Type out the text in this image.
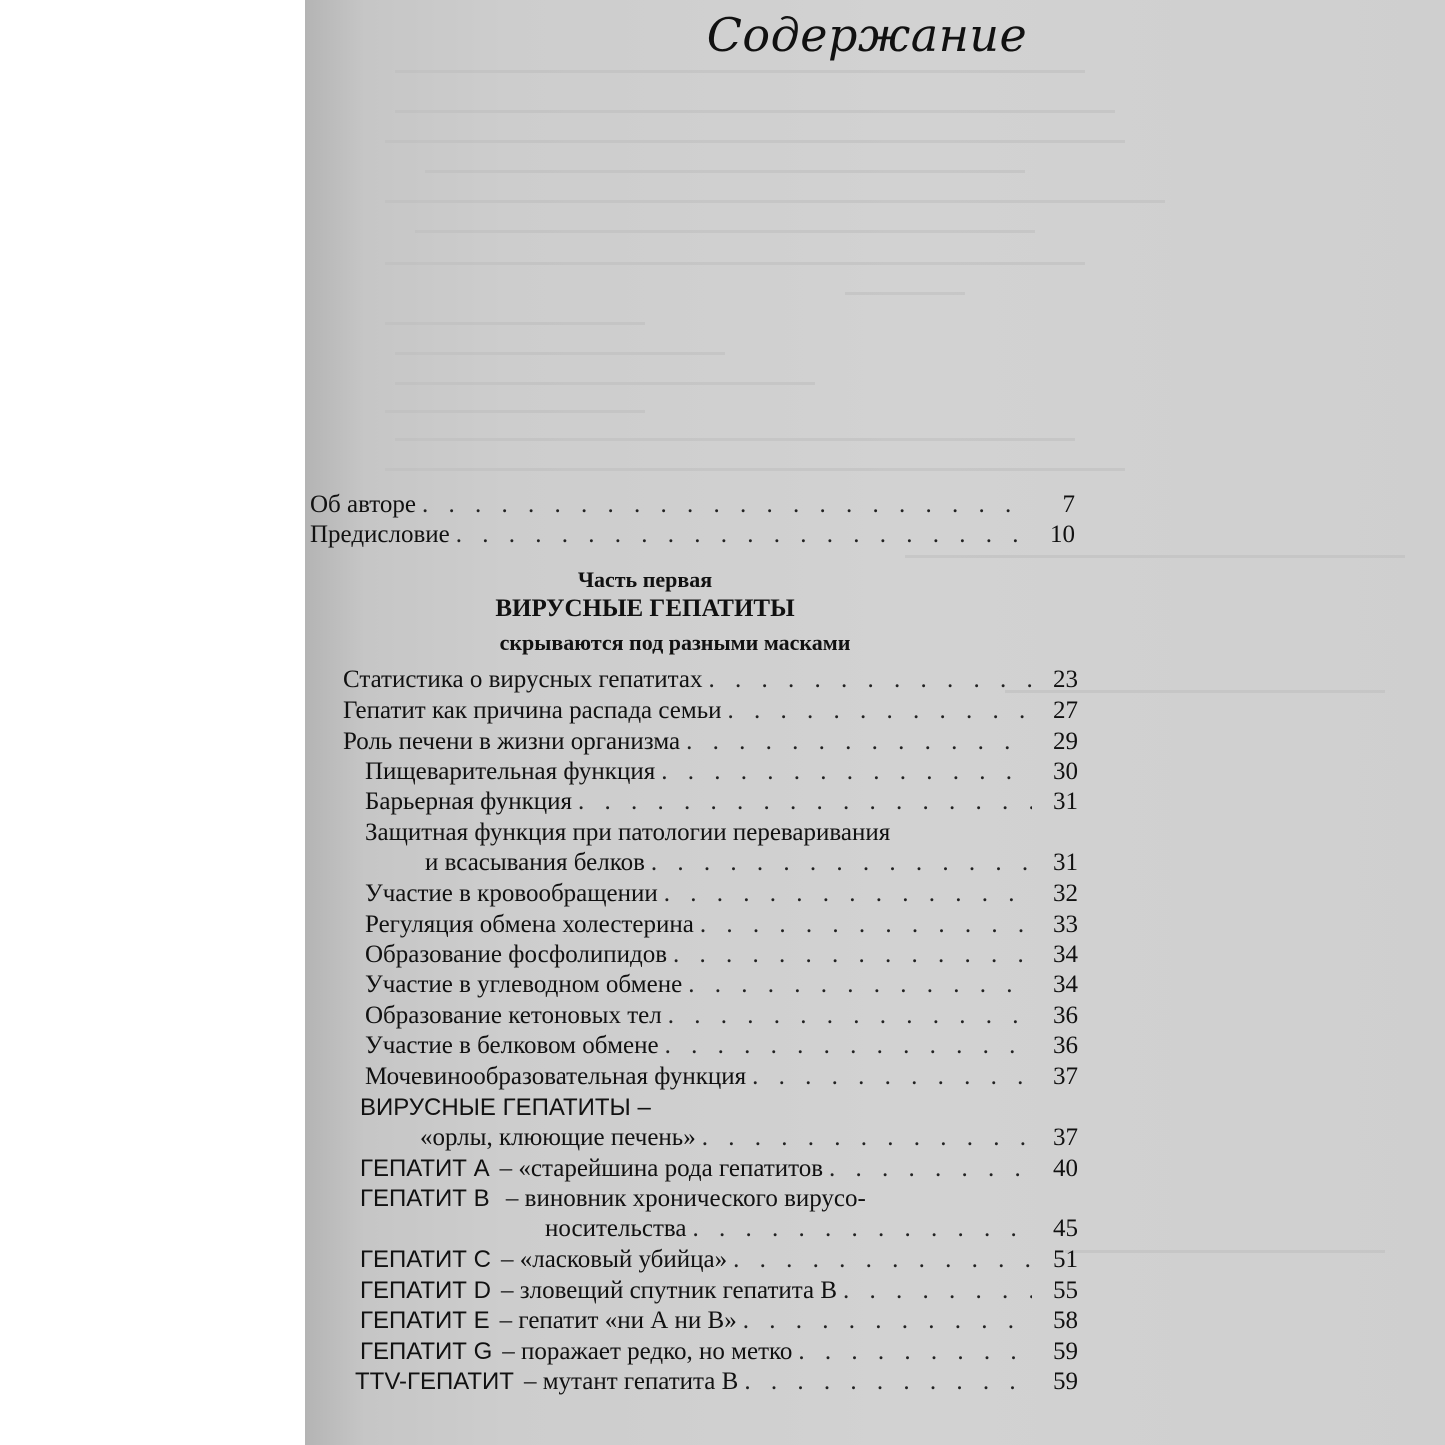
Содержание
Об авторе . . .	7
Предисловие . . .	10
Часть первая
ВИРУСНЫЕ ГЕПАТИТЫ
скрываются под разными масками
Статистика о вирусных гепатитах . . .	23
Гепатит как причина распада семьи . . .	27
Роль печени в жизни организма . . .	29
Пищеварительная функция . . .	30
Барьерная функция . . .	31
Защитная функция при патологии переваривания
и всасывания белков . . .	31
Участие в кровообращении . . .	32
Регуляция обмена холестерина . . .	33
Образование фосфолипидов . . .	34
Участие в углеводном обмене . . .	34
Образование кетоновых тел . . .	36
Участие в белковом обмене . . .	36
Мочевинообразовательная функция . . .	37
ВИРУСНЫЕ ГЕПАТИТЫ –
«орлы, клюющие печень» . . .	37
ГЕПАТИТ А – «старейшина рода гепатитов . . .	40
ГЕПАТИТ В – виновник хронического вирусо-
носительства . . .	45
ГЕПАТИТ С – «ласковый убийца» . . .	51
ГЕПАТИТ D – зловещий спутник гепатита В . . .	55
ГЕПАТИТ Е – гепатит «ни А ни В» . . .	58
ГЕПАТИТ G – поражает редко, но метко . . .	59
TTV-ГЕПАТИТ – мутант гепатита В . . .	59
